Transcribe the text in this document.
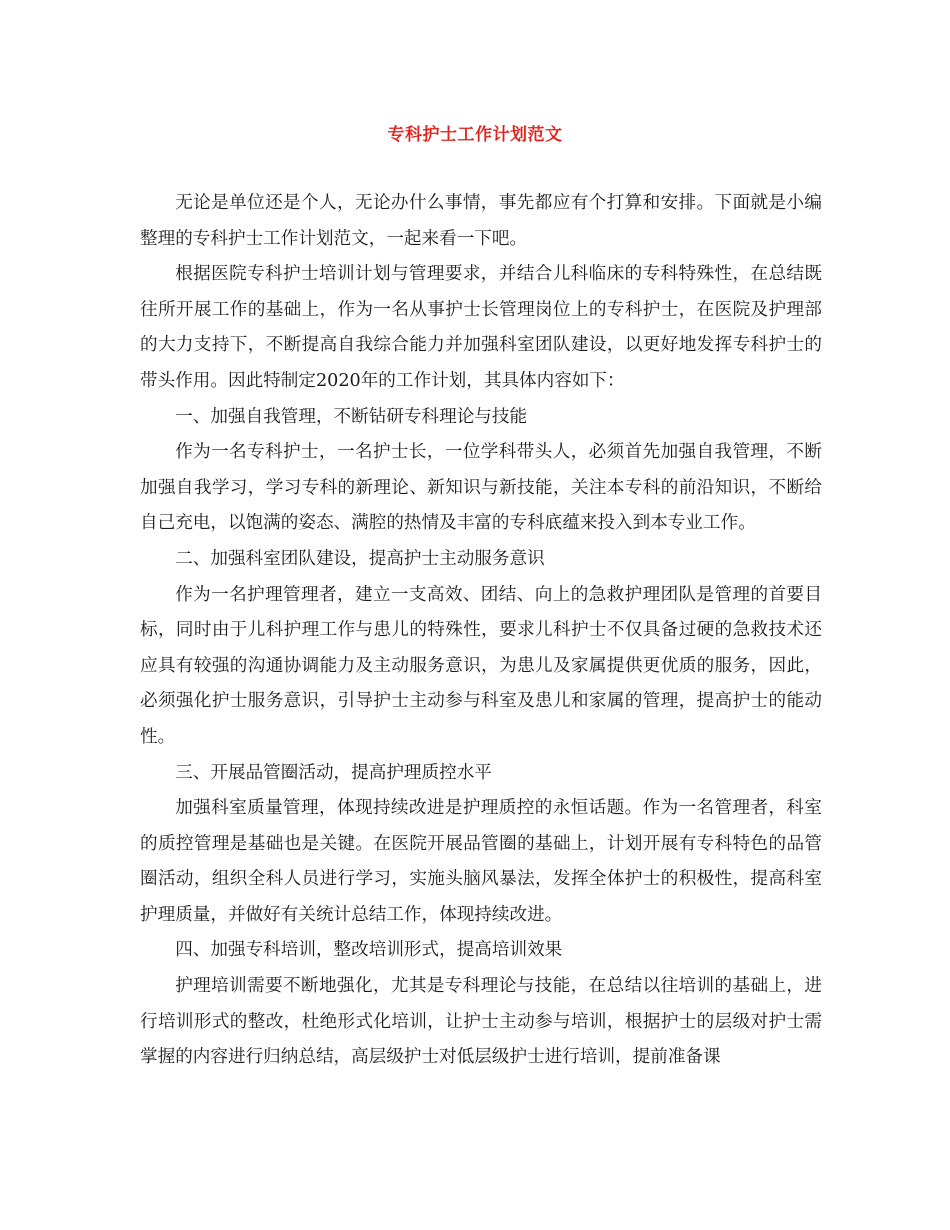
专科护士工作计划范文

无论是单位还是个人，无论办什么事情，事先都应有个打算和安排。下面就是小编整理的专科护士工作计划范文，一起来看一下吧。

根据医院专科护士培训计划与管理要求，并结合儿科临床的专科特殊性，在总结既往所开展工作的基础上，作为一名从事护士长管理岗位上的专科护士，在医院及护理部的大力支持下，不断提高自我综合能力并加强科室团队建设，以更好地发挥专科护士的带头作用。因此特制定2020年的工作计划，其具体内容如下：

一、加强自我管理，不断钻研专科理论与技能

作为一名专科护士，一名护士长，一位学科带头人，必须首先加强自我管理，不断加强自我学习，学习专科的新理论、新知识与新技能，关注本专科的前沿知识，不断给自己充电，以饱满的姿态、满腔的热情及丰富的专科底蕴来投入到本专业工作。

二、加强科室团队建设，提高护士主动服务意识

作为一名护理管理者，建立一支高效、团结、向上的急救护理团队是管理的首要目标，同时由于儿科护理工作与患儿的特殊性，要求儿科护士不仅具备过硬的急救技术还应具有较强的沟通协调能力及主动服务意识，为患儿及家属提供更优质的服务，因此，必须强化护士服务意识，引导护士主动参与科室及患儿和家属的管理，提高护士的能动性。

三、开展品管圈活动，提高护理质控水平

加强科室质量管理，体现持续改进是护理质控的永恒话题。作为一名管理者，科室的质控管理是基础也是关键。在医院开展品管圈的基础上，计划开展有专科特色的品管圈活动，组织全科人员进行学习，实施头脑风暴法，发挥全体护士的积极性，提高科室护理质量，并做好有关统计总结工作，体现持续改进。

四、加强专科培训，整改培训形式，提高培训效果

护理培训需要不断地强化，尤其是专科理论与技能，在总结以往培训的基础上，进行培训形式的整改，杜绝形式化培训，让护士主动参与培训，根据护士的层级对护士需掌握的内容进行归纳总结，高层级护士对低层级护士进行培训，提前准备课
